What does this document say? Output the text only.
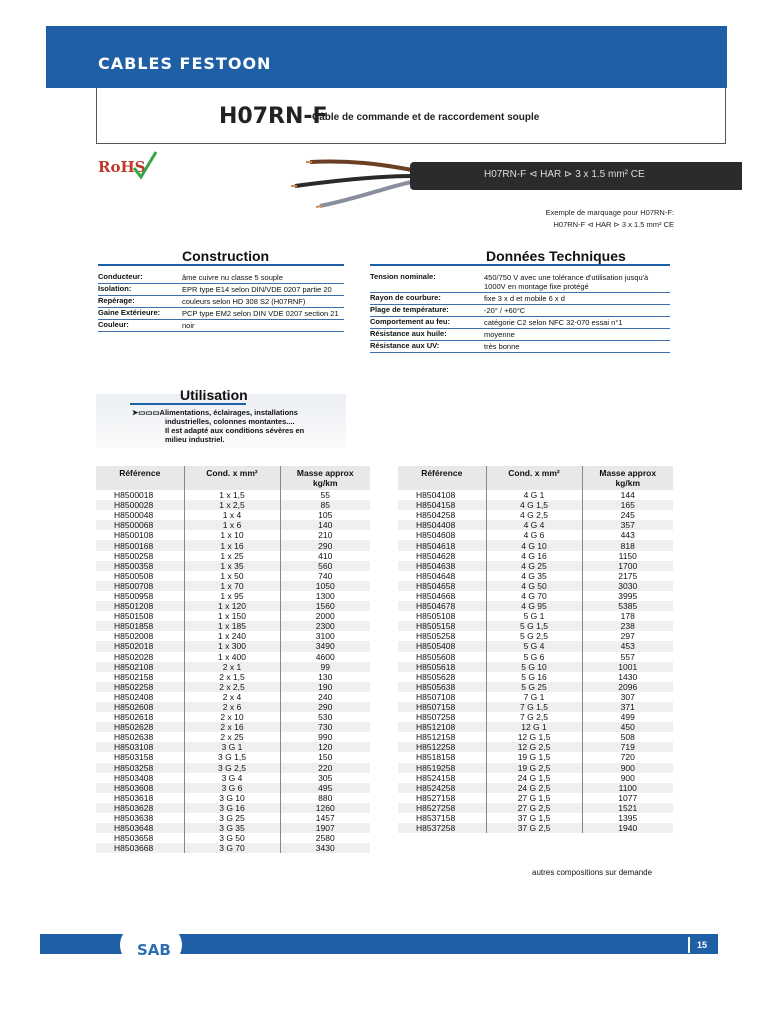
CABLES FESTOON
H07RN-F
Câble de commande et de raccordement souple
RoHS	H07RN-F ⊲ HAR ⊳ 3 x 1.5 mm² CE
Exemple de marquage pour H07RN-F:
H07RN-F ⊲ HAR ⊳ 3 x 1.5 mm² CE
Construction
Conducteur:	âme cuivre nu classe 5 souple
Isolation:	EPR type E14 selon DIN/VDE 0207 partie 20
Repérage:	couleurs selon HD 308 S2 (H07RNF)
Gaine Extérieure:	PCP type EM2 selon DIN VDE 0207 section 21
Couleur:	noir
Données Techniques
Tension nominale:	450/750 V avec une tolérance d'utilisation jusqu'à 1000V en montage fixe protégé
Rayon de courbure:	fixe 3 x d et mobile 6 x d
Plage de température:	-20° / +60°C
Comportement au feu:	catégorie C2 selon NFC 32-070 essai n°1
Résistance aux huile:	moyenne
Résistance aux UV:	très bonne
Utilisation
➤▭▭▭Alimentations, éclairages, installations
industrielles, colonnes montantes....
Il est adapté aux conditions sévères en
milieu industriel.
Référence	Cond. x mm²	Masse approx
kg/km

H8500018	1 x 1,5	55
H8500028	1 x 2,5	85
H8500048	1 x 4	105
H8500068	1 x 6	140
H8500108	1 x 10	210
H8500168	1 x 16	290
H8500258	1 x 25	410
H8500358	1 x 35	560
H8500508	1 x 50	740
H8500708	1 x 70	1050
H8500958	1 x 95	1300
H8501208	1 x 120	1560
H8501508	1 x 150	2000
H8501858	1 x 185	2300
H8502008	1 x 240	3100
H8502018	1 x 300	3490
H8502028	1 x 400	4600
H8502108	2 x 1	99
H8502158	2 x 1,5	130
H8502258	2 x 2,5	190
H8502408	2 x 4	240
H8502608	2 x 6	290
H8502618	2 x 10	530
H8502628	2 x 16	730
H8502638	2 x 25	990
H8503108	3 G 1	120
H8503158	3 G 1,5	150
H8503258	3 G 2,5	220
H8503408	3 G 4	305
H8503608	3 G 6	495
H8503618	3 G 10	880
H8503628	3 G 16	1260
H8503638	3 G 25	1457
H8503648	3 G 35	1907
H8503658	3 G 50	2580
H8503668	3 G 70	3430
Référence	Cond. x mm²	Masse approx
kg/km

H8504108	4 G 1	144
H8504158	4 G 1,5	165
H8504258	4 G 2,5	245
H8504408	4 G 4	357
H8504608	4 G 6	443
H8504618	4 G 10	818
H8504628	4 G 16	1150
H8504638	4 G 25	1700
H8504648	4 G 35	2175
H8504658	4 G 50	3030
H8504668	4 G 70	3995
H8504678	4 G 95	5385
H8505108	5 G 1	178
H8505158	5 G 1,5	238
H8505258	5 G 2,5	297
H8505408	5 G 4	453
H8505608	5 G 6	557
H8505618	5 G 10	1001
H8505628	5 G 16	1430
H8505638	5 G 25	2096
H8507108	7 G 1	307
H8507158	7 G 1,5	371
H8507258	7 G 2,5	499
H8512108	12 G 1	450
H8512158	12 G 1,5	508
H8512258	12 G 2,5	719
H8518158	19 G 1,5	720
H8519258	19 G 2,5	900
H8524158	24 G 1,5	900
H8524258	24 G 2,5	1100
H8527158	27 G 1,5	1077
H8527258	27 G 2,5	1521
H8537158	37 G 1,5	1395
H8537258	37 G 2,5	1940
autres compositions sur demande
SAB	15
